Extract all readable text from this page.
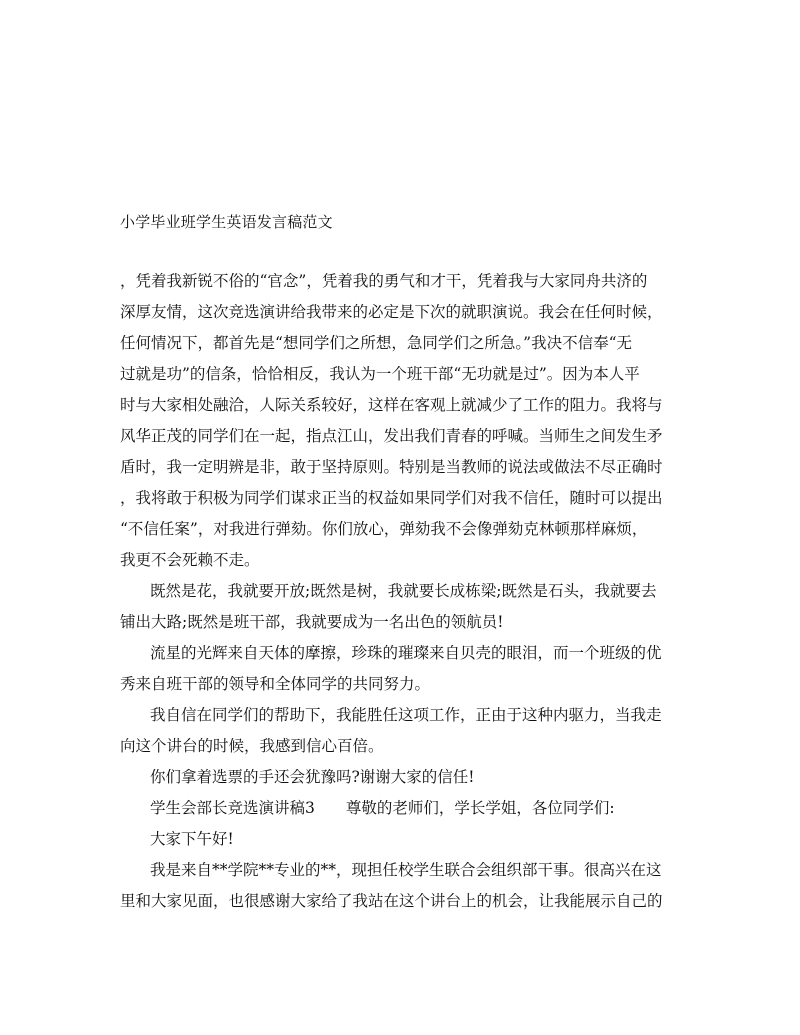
小学毕业班学生英语发言稿范文
，凭着我新锐不俗的“官念”，凭着我的勇气和才干，凭着我与大家同舟共济的
深厚友情，这次竞选演讲给我带来的必定是下次的就职演说。我会在任何时候，
任何情况下，都首先是“想同学们之所想，急同学们之所急。”我决不信奉“无
过就是功”的信条，恰恰相反，我认为一个班干部“无功就是过”。因为本人平
时与大家相处融洽，人际关系较好，这样在客观上就减少了工作的阻力。我将与
风华正茂的同学们在一起，指点江山，发出我们青春的呼喊。当师生之间发生矛
盾时，我一定明辨是非，敢于坚持原则。特别是当教师的说法或做法不尽正确时
，我将敢于积极为同学们谋求正当的权益如果同学们对我不信任，随时可以提出
“不信任案”，对我进行弹劾。你们放心，弹劾我不会像弹劾克林顿那样麻烦，
我更不会死赖不走。
既然是花，我就要开放;既然是树，我就要长成栋梁;既然是石头，我就要去
铺出大路;既然是班干部，我就要成为一名出色的领航员!
流星的光辉来自天体的摩擦，珍珠的璀璨来自贝壳的眼泪，而一个班级的优
秀来自班干部的领导和全体同学的共同努力。
我自信在同学们的帮助下，我能胜任这项工作，正由于这种内驱力，当我走
向这个讲台的时候，我感到信心百倍。
你们拿着选票的手还会犹豫吗?谢谢大家的信任!
学生会部长竞选演讲稿3　　尊敬的老师们，学长学姐，各位同学们:
大家下午好!
我是来自**学院**专业的**，现担任校学生联合会组织部干事。很高兴在这
里和大家见面，也很感谢大家给了我站在这个讲台上的机会，让我能展示自己的
